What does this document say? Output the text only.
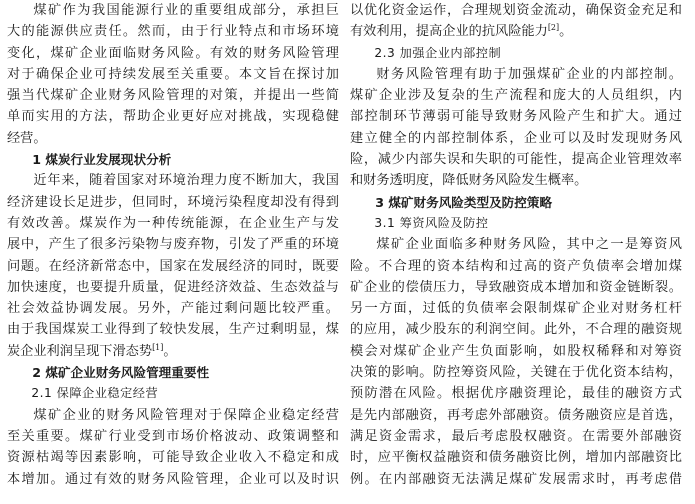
煤矿作为我国能源行业的重要组成部分，承担巨
大的能源供应责任。然而，由于行业特点和市场环境
变化，煤矿企业面临财务风险。有效的财务风险管理
对于确保企业可持续发展至关重要。本文旨在探讨加
强当代煤矿企业财务风险管理的对策，并提出一些简
单而实用的方法，帮助企业更好应对挑战，实现稳健
经营。
1 煤炭行业发展现状分析
近年来，随着国家对环境治理力度不断加大，我国
经济建设长足进步，但同时，环境污染程度却没有得到
有效改善。煤炭作为一种传统能源，在企业生产与发
展中，产生了很多污染物与废弃物，引发了严重的环境
问题。在经济新常态中，国家在发展经济的同时，既要
加快速度，也要提升质量，促进经济效益、生态效益与
社会效益协调发展。另外，产能过剩问题比较严重。
由于我国煤炭工业得到了较快发展，生产过剩明显，煤
炭企业利润呈现下滑态势[1]。
2 煤矿企业财务风险管理重要性
2.1 保障企业稳定经营
煤矿企业的财务风险管理对于保障企业稳定经营
至关重要。煤矿行业受到市场价格波动、政策调整和
资源枯竭等因素影响，可能导致企业收入不稳定和成
本增加。通过有效的财务风险管理，企业可以及时识
以优化资金运作，合理规划资金流动，确保资金充足和
有效利用，提高企业的抗风险能力[2]。
2.3 加强企业内部控制
财务风险管理有助于加强煤矿企业的内部控制。
煤矿企业涉及复杂的生产流程和庞大的人员组织，内
部控制环节薄弱可能导致财务风险产生和扩大。通过
建立健全的内部控制体系，企业可以及时发现财务风
险，减少内部失误和失职的可能性，提高企业管理效率
和财务透明度，降低财务风险发生概率。
3 煤矿财务风险类型及防控策略
3.1 筹资风险及防控
煤矿企业面临多种财务风险，其中之一是筹资风
险。不合理的资本结构和过高的资产负债率会增加煤
矿企业的偿债压力，导致融资成本增加和资金链断裂。
另一方面，过低的负债率会限制煤矿企业对财务杠杆
的应用，减少股东的利润空间。此外，不合理的融资规
模会对煤矿企业产生负面影响，如股权稀释和对筹资
决策的影响。防控筹资风险，关键在于优化资本结构，
预防潜在风险。根据优序融资理论，最佳的融资方式
是先内部融资，再考虑外部融资。债务融资应是首选，
满足资金需求，最后考虑股权融资。在需要外部融资
时，应平衡权益融资和债务融资比例，增加内部融资比
例。在内部融资无法满足煤矿发展需求时，再考虑借
